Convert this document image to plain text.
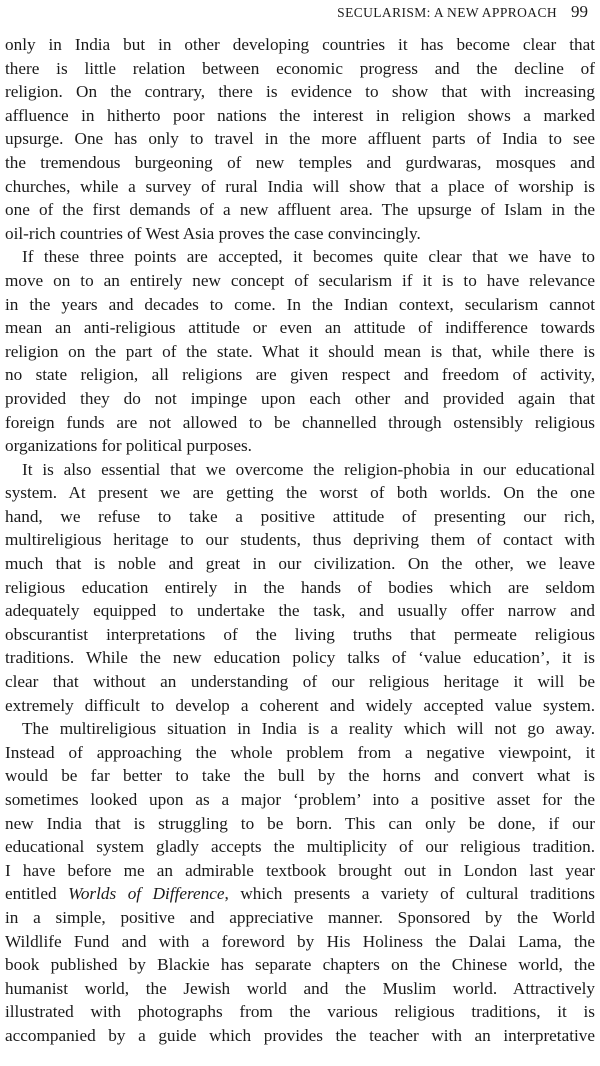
SECULARISM: A NEW APPROACH 99
only in India but in other developing countries it has become clear that
there is little relation between economic progress and the decline of
religion. On the contrary, there is evidence to show that with increasing
affluence in hitherto poor nations the interest in religion shows a marked
upsurge. One has only to travel in the more affluent parts of India to see
the tremendous burgeoning of new temples and gurdwaras, mosques and
churches, while a survey of rural India will show that a place of worship is
one of the first demands of a new affluent area. The upsurge of Islam in the
oil-rich countries of West Asia proves the case convincingly.
If these three points are accepted, it becomes quite clear that we have to
move on to an entirely new concept of secularism if it is to have relevance
in the years and decades to come. In the Indian context, secularism cannot
mean an anti-religious attitude or even an attitude of indifference towards
religion on the part of the state. What it should mean is that, while there is
no state religion, all religions are given respect and freedom of activity,
provided they do not impinge upon each other and provided again that
foreign funds are not allowed to be channelled through ostensibly religious
organizations for political purposes.
It is also essential that we overcome the religion-phobia in our educational
system. At present we are getting the worst of both worlds. On the one
hand, we refuse to take a positive attitude of presenting our rich,
multireligious heritage to our students, thus depriving them of contact with
much that is noble and great in our civilization. On the other, we leave
religious education entirely in the hands of bodies which are seldom
adequately equipped to undertake the task, and usually offer narrow and
obscurantist interpretations of the living truths that permeate religious
traditions. While the new education policy talks of ‘value education’, it is
clear that without an understanding of our religious heritage it will be
extremely difficult to develop a coherent and widely accepted value system.
The multireligious situation in India is a reality which will not go away.
Instead of approaching the whole problem from a negative viewpoint, it
would be far better to take the bull by the horns and convert what is
sometimes looked upon as a major ‘problem’ into a positive asset for the
new India that is struggling to be born. This can only be done, if our
educational system gladly accepts the multiplicity of our religious tradition.
I have before me an admirable textbook brought out in London last year
entitled Worlds of Difference, which presents a variety of cultural traditions
in a simple, positive and appreciative manner. Sponsored by the World
Wildlife Fund and with a foreword by His Holiness the Dalai Lama, the
book published by Blackie has separate chapters on the Chinese world, the
humanist world, the Jewish world and the Muslim world. Attractively
illustrated with photographs from the various religious traditions, it is
accompanied by a guide which provides the teacher with an interpretative
